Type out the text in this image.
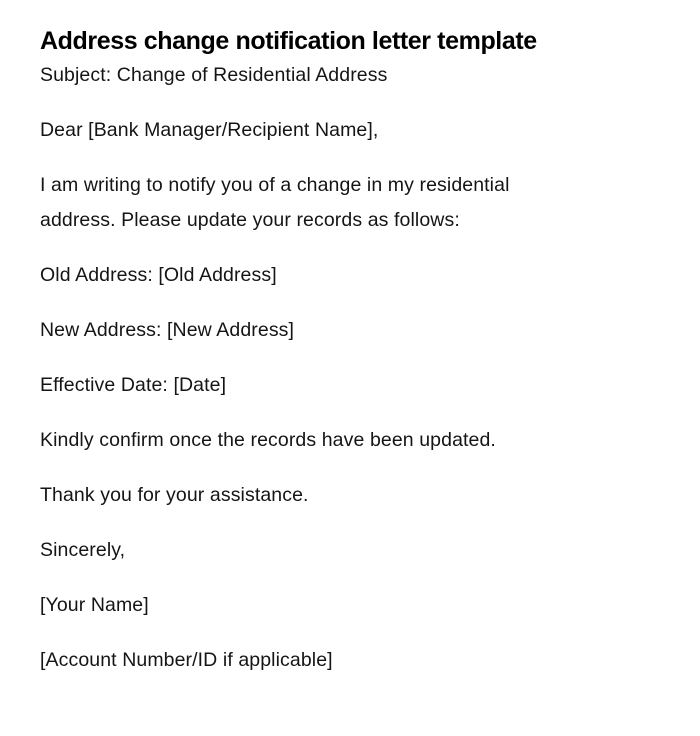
Address change notification letter template

Subject: Change of Residential Address

Dear [Bank Manager/Recipient Name],

I am writing to notify you of a change in my residential address. Please update your records as follows:

Old Address: [Old Address]

New Address: [New Address]

Effective Date: [Date]

Kindly confirm once the records have been updated.

Thank you for your assistance.

Sincerely,

[Your Name]

[Account Number/ID if applicable]
